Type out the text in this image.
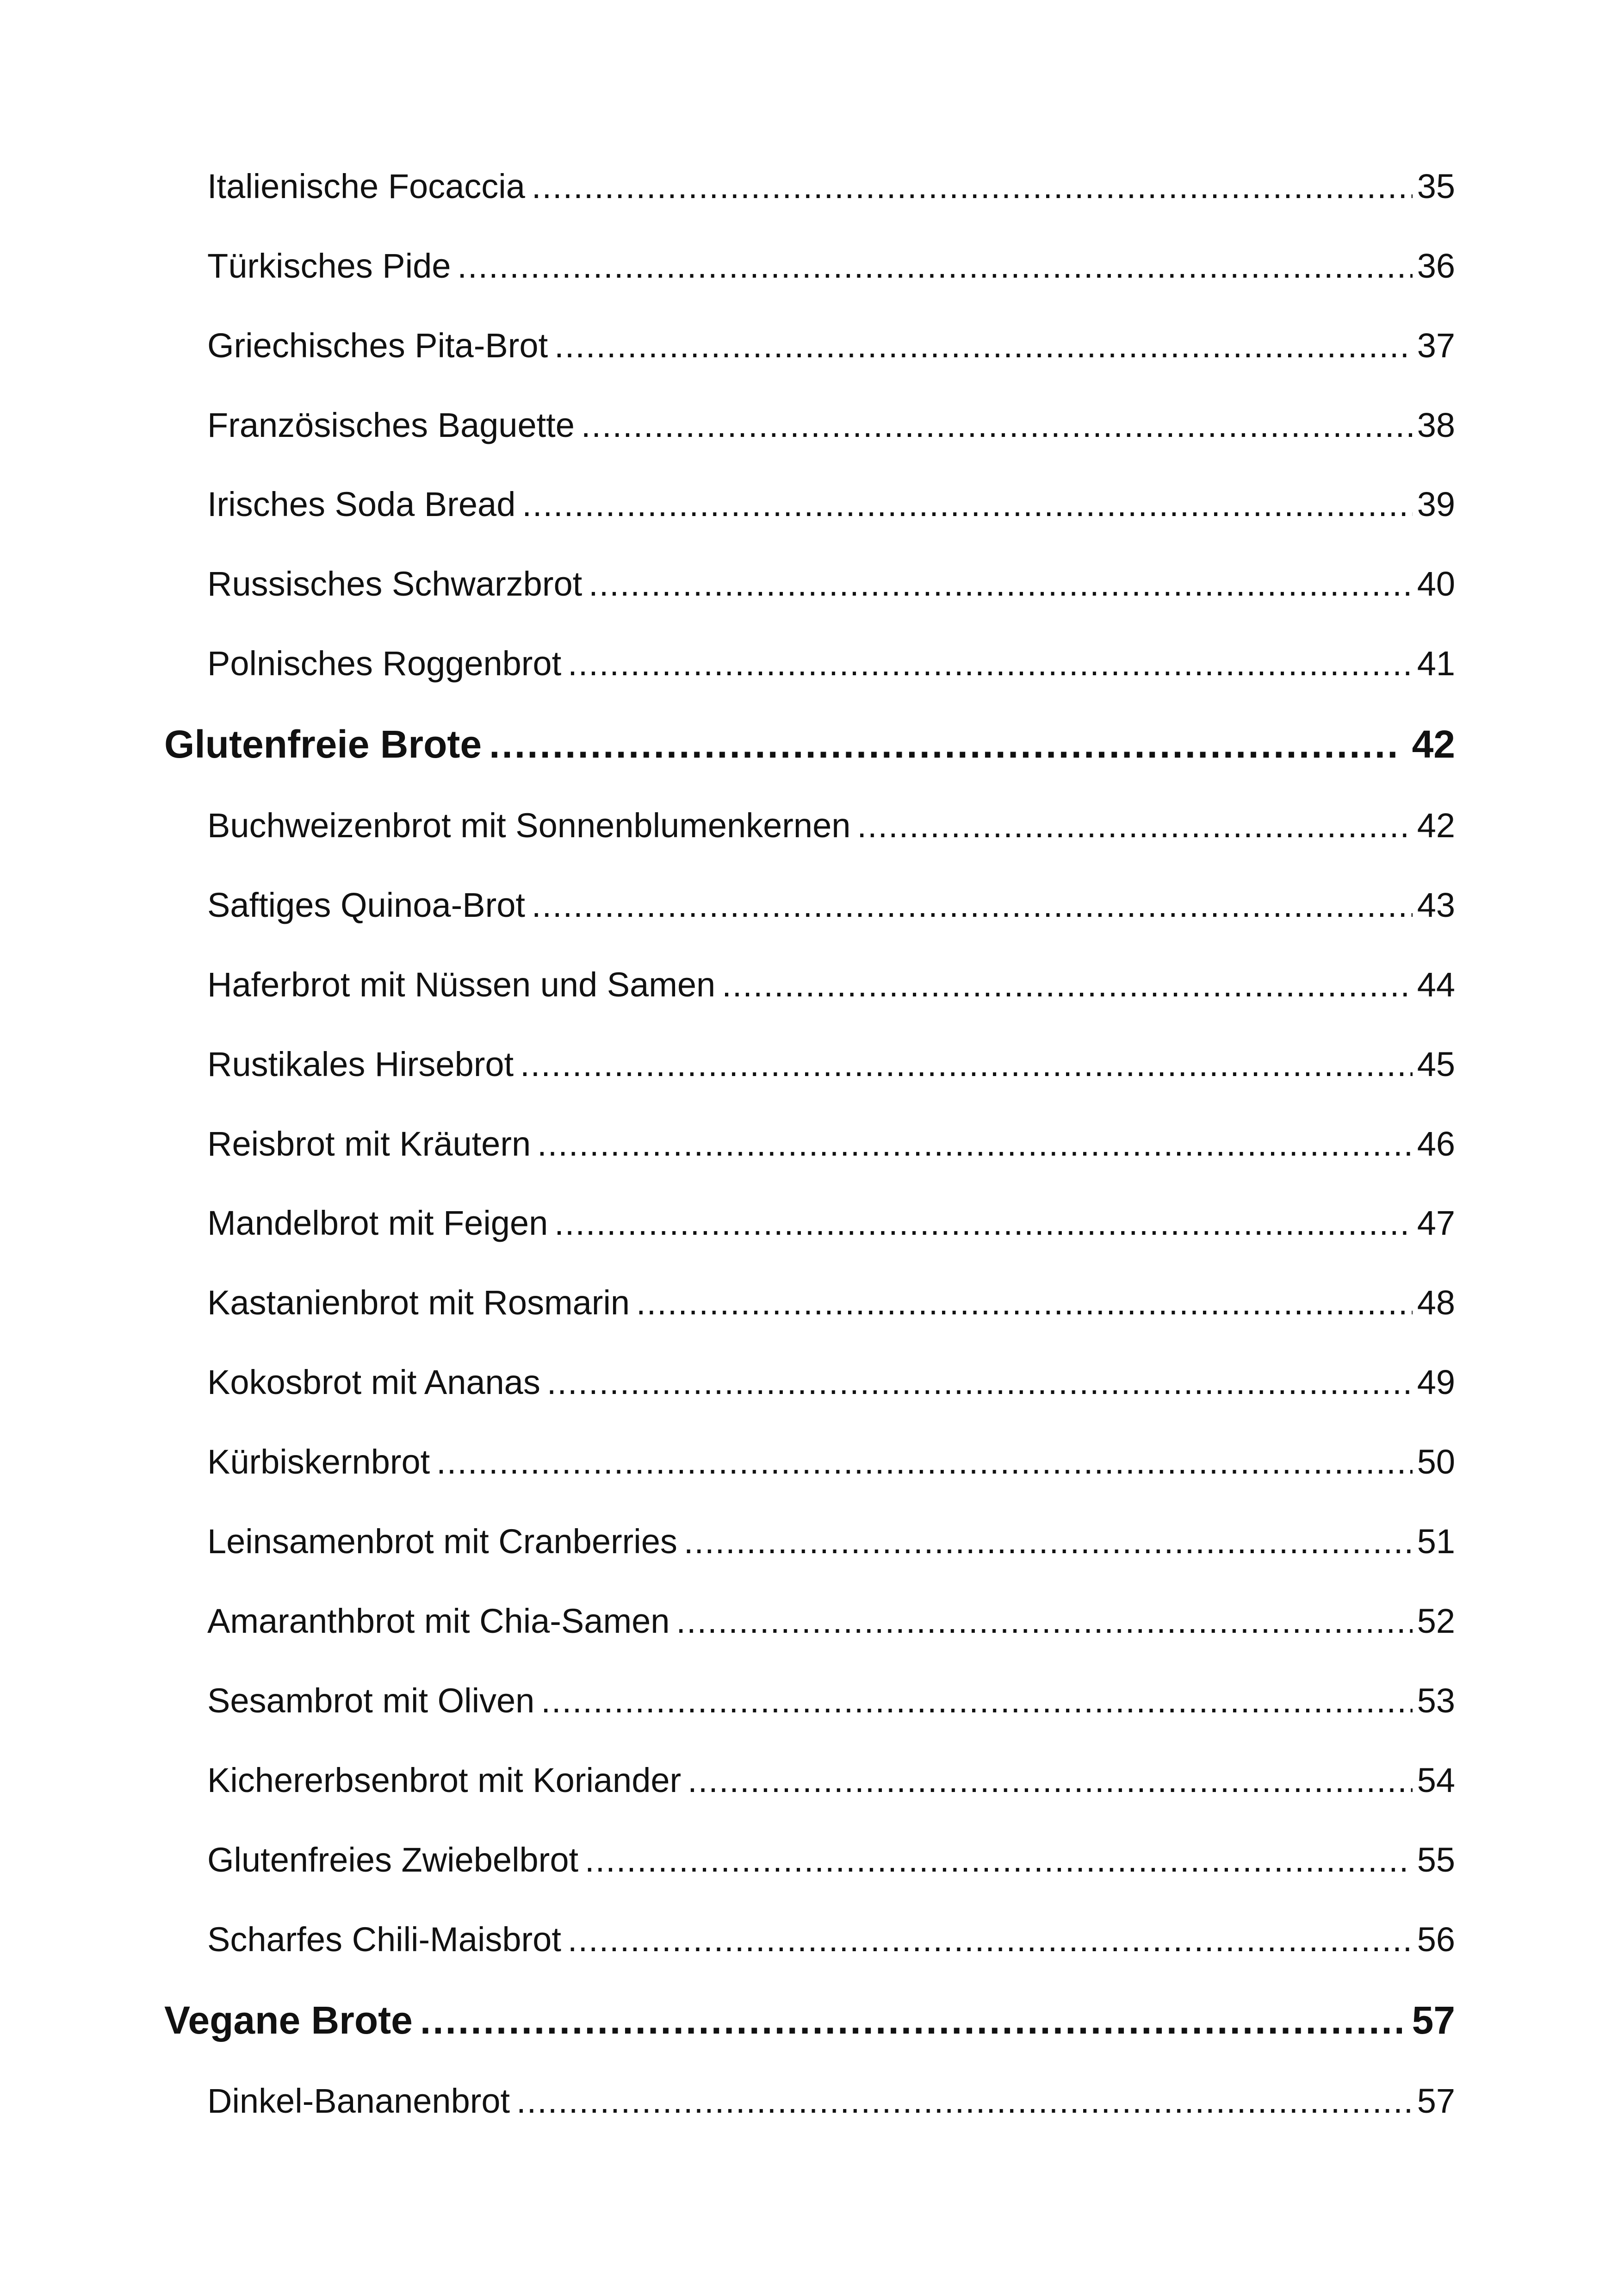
Italienische Focaccia .....	35
Türkisches Pide .....	36
Griechisches Pita-Brot .....	37
Französisches Baguette .....	38
Irisches Soda Bread .....	39
Russisches Schwarzbrot .....	40
Polnisches Roggenbrot .....	41
Glutenfreie Brote .....	42
Buchweizenbrot mit Sonnenblumenkernen .....	42
Saftiges Quinoa-Brot .....	43
Haferbrot mit Nüssen und Samen .....	44
Rustikales Hirsebrot .....	45
Reisbrot mit Kräutern .....	46
Mandelbrot mit Feigen .....	47
Kastanienbrot mit Rosmarin .....	48
Kokosbrot mit Ananas .....	49
Kürbiskernbrot .....	50
Leinsamenbrot mit Cranberries .....	51
Amaranthbrot mit Chia-Samen .....	52
Sesambrot mit Oliven .....	53
Kichererbsenbrot mit Koriander .....	54
Glutenfreies Zwiebelbrot .....	55
Scharfes Chili-Maisbrot .....	56
Vegane Brote .....	57
Dinkel-Bananenbrot .....	57
